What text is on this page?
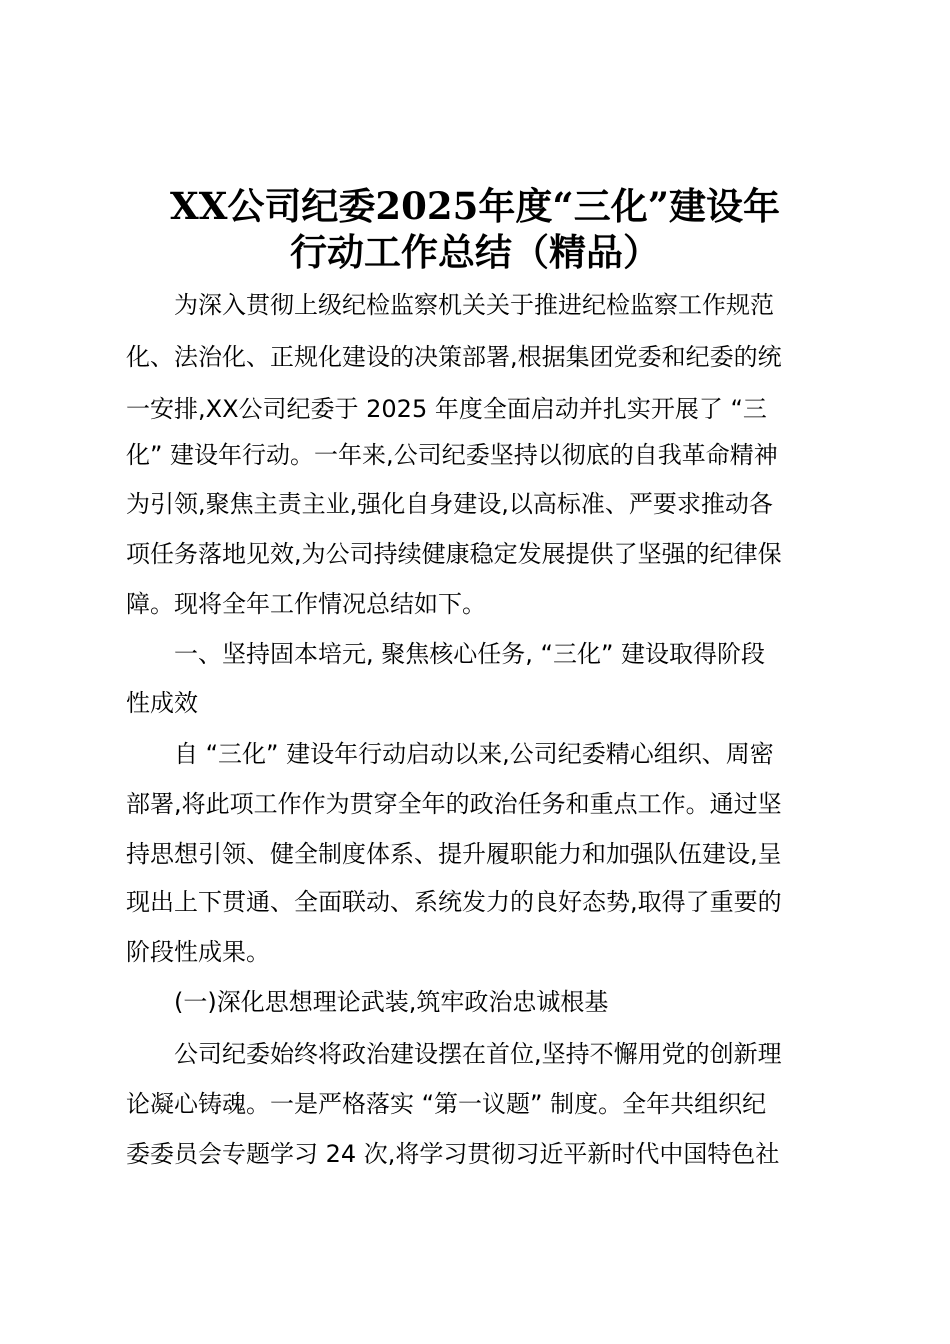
XX公司纪委2025年度“三化”建设年
行动工作总结（精品）
　　为深入贯彻上级纪检监察机关关于推进纪检监察工作规范
化、法治化、正规化建设的决策部署,根据集团党委和纪委的统
一安排,XX公司纪委于 2025 年度全面启动并扎实开展了 “三
化” 建设年行动。一年来,公司纪委坚持以彻底的自我革命精神
为引领,聚焦主责主业,强化自身建设,以高标准、严要求推动各
项任务落地见效,为公司持续健康稳定发展提供了坚强的纪律保
障。现将全年工作情况总结如下。
　　一、坚持固本培元, 聚焦核心任务, “三化” 建设取得阶段
性成效
　　自 “三化” 建设年行动启动以来,公司纪委精心组织、周密
部署,将此项工作作为贯穿全年的政治任务和重点工作。通过坚
持思想引领、健全制度体系、提升履职能力和加强队伍建设,呈
现出上下贯通、全面联动、系统发力的良好态势,取得了重要的
阶段性成果。
　　(一)深化思想理论武装,筑牢政治忠诚根基
　　公司纪委始终将政治建设摆在首位,坚持不懈用党的创新理
论凝心铸魂。一是严格落实 “第一议题” 制度。全年共组织纪
委委员会专题学习 24 次,将学习贯彻习近平新时代中国特色社
